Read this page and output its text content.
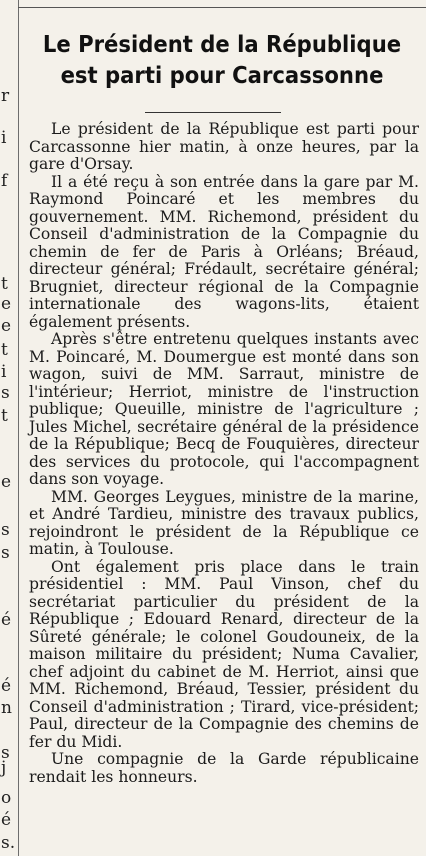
r
i
f
t
e
e
t
i
s
t
e
s
s
é
é
n
s
s.
j
o
é
Le Président de la République
est parti pour Carcassonne

Le président de la République est parti pour Carcassonne hier matin, à onze heures, par la gare d'Orsay.

Il a été reçu à son entrée dans la gare par M. Raymond Poincaré et les membres du gouvernement. MM. Richemond, président du Conseil d'administration de la Compagnie du chemin de fer de Paris à Orléans; Bréaud, directeur général; Frédault, secrétaire général; Brugniet, directeur régional de la Compagnie internationale des wagons-lits, étaient également présents.

Après s'être entretenu quelques instants avec M. Poincaré, M. Doumergue est monté dans son wagon, suivi de MM. Sarraut, ministre de l'intérieur; Herriot, ministre de l'instruction publique; Queuille, ministre de l'agriculture ; Jules Michel, secrétaire général de la présidence de la République; Becq de Fouquières, directeur des services du protocole, qui l'accompagnent dans son voyage.

MM. Georges Leygues, ministre de la marine, et André Tardieu, ministre des travaux publics, rejoindront le président de la République ce matin, à Toulouse.

Ont également pris place dans le train présidentiel : MM. Paul Vinson, chef du secrétariat particulier du président de la République ; Edouard Renard, directeur de la Sûreté générale; le colonel Goudouneix, de la maison militaire du président; Numa Cavalier, chef adjoint du cabinet de M. Herriot, ainsi que MM. Richemond, Bréaud, Tessier, président du Conseil d'administration ; Tirard, vice-président; Paul, directeur de la Compagnie des chemins de fer du Midi.

Une compagnie de la Garde républicaine rendait les honneurs.
